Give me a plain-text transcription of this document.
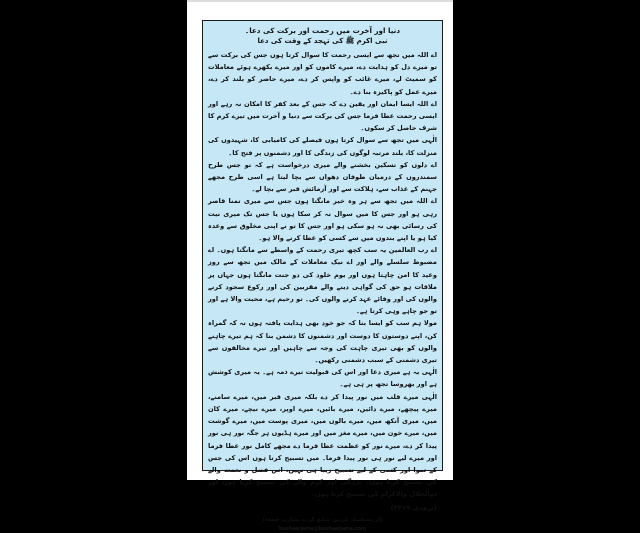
دنیا اور آخرت میں رحمت اور برکت کی دعا۔
نبی اکرم ﷺ کی تہجد کے وقت کی دعا

اے اللہ میں تجھ سے ایسی رحمت کا سوال کرتا ہوں جس کی برکت سے تو میرے دل کو ہدایت دے، میرے کاموں کو اور میرے بکھرے ہوئے معاملات کو سمیٹ لے، میرے غائب کو واپس کر دے، میرے حاضر کو بلند کر دے، میرے عمل کو پاکیزہ بنا دے۔

اے اللہ ایسا ایمان اور یقین دے کہ جس کے بعد کفر کا امکان نہ رہے اور ایسی رحمت عطا فرما جس کی برکت سے دنیا و آخرت میں تیرے کرم کا شرف حاصل کر سکوں۔

الٰہی میں تجھ سے سوال کرتا ہوں فیصلے کی کامیابی کا، شہیدوں کی منزلت کا، بلند مرتبہ لوگوں کی زندگی کا اور دشمنوں پر فتح کا۔

اے دلوں کو تسکین بخشنے والے میری درخواست ہے کہ تو جس طرح سمندروں کے درمیان طوفان دھواں سے بچا لیتا ہے اسی طرح مجھے جہنم کے عذاب سے، ہلاکت سے اور آزمائش قبر سے بچا لے۔

اے اللہ میں تجھ سے ہر وہ خیر مانگتا ہوں جس سے میری تمنا قاصر رہی ہو اور جس کا میں سوال نہ کر سکا ہوں یا جس تک میری نیت کی رسائی بھی نہ ہو سکی ہو اور جس کا تو نے اپنی مخلوق سے وعدہ کیا ہو یا اپنے بندوں میں سے کسی کو عطا کرنے والا ہو۔

اے رب العالمین یہ سب کچھ تیری رحمت کے واسطے سے مانگتا ہوں۔ اے مضبوط سلسلے والے اور اے نیک معاملات کے مالک میں تجھ سے روز وعید کا امن چاہتا ہوں اور یوم خلود کی دو جنت مانگتا ہوں جہاں پر ملاقات ہو حق کی گواہی دینے والے مقربین کی اور رکوع سجود کرنے والوں کی اور وفائے عہد کرنے والوں کی۔ تو رحیم ہے، محبت والا ہے اور تو جو چاہے وہی کرتا ہے۔

مولا ہم سب کو ایسا بنا کہ جو خود بھی ہدایت یافتہ ہوں نہ کہ گمراہ کن، اپنے دوستوں کا دوست اور دشمنوں کا دشمن بنا کہ ہم تیرے چاہنے والوں کو بھی تیری چاہت کی وجہ سے چاہیں اور تیرے مخالفوں سے تیری دشمنی کے سبب دشمنی رکھیں۔

الٰہی یہ ہے میری دعا اور اس کی قبولیت تیرے ذمہ ہے۔ یہ میری کوشش ہے اور بھروسا تجھ پر ہی ہے۔

الٰہی میرے قلب میں نور پیدا کر دے بلکہ میری قبر میں، میرے سامنے، میرے پیچھے، میرے دائیں، میرے بائیں، میرے اوپر، میرے نیچے، میرے کان میں، میری آنکھ میں، میرے بالوں میں، میری پوست میں، میرے گوشت میں، میرے خون میں، میرے مغز میں اور میرے ہڈیوں ہر جگہ نور ہی نور پیدا کر دے، میرے نور کو عظمت عطا فرما دے مجھے کامل نور عطا فرما اور میرے لیے نور ہی نور پیدا فرما۔ میں تسبیح کرتا ہوں اس کی جس کے سوا اور کسی کے لیے تسبیح زیبا ہی نہیں، اس فضل و نعمت والے کی تسبیح کرتا ہوں۔ بزرگی اور کرم والے کی تسبیح کرتا ہوں اور ذوالجلال والاکرام کی تسبیح کرتا ہوں۔

(ترمذی ۳۴۱۹)
(از مسلسلہ کرنیں شائع کردہ بشارت جمعہ)
bashaarjama@bashaarjama.com
